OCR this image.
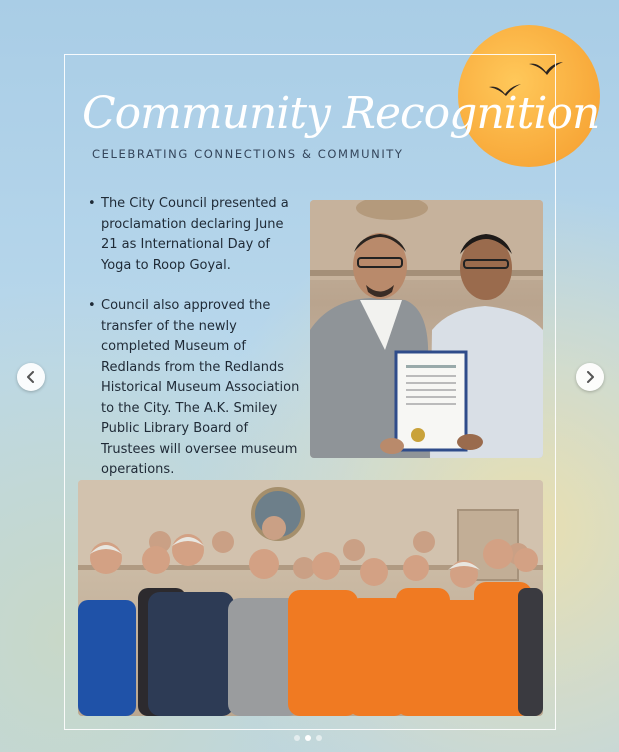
Community Recognition
CELEBRATING CONNECTIONS & COMMUNITY
• The City Council presented a proclamation declaring June 21 as International Day of Yoga to Roop Goyal.
• Council also approved the transfer of the newly completed Museum of Redlands from the Redlands Historical Museum Association to the City. The A.K. Smiley Public Library Board of Trustees will oversee museum operations.
